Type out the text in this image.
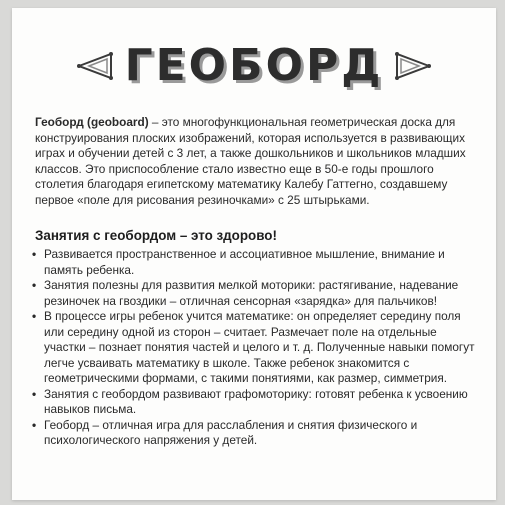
ГЕОБОРД

Геоборд (geoboard) – это многофункциональная геометрическая доска для конструирования плоских изображений, которая используется в развивающих играх и обучении детей с 3 лет, а также дошкольников и школьников младших классов. Это приспособление стало известно еще в 50-е годы прошлого столетия благодаря египетскому математику Калебу Гаттегно, создавшему первое «поле для рисования резиночками» с 25 штырьками.

Занятия с геобордом – это здорово!
• Развивается пространственное и ассоциативное мышление, внимание и память ребенка.
• Занятия полезны для развития мелкой моторики: растягивание, надевание резиночек на гвоздики – отличная сенсорная «зарядка» для пальчиков!
• В процессе игры ребенок учится математике: он определяет середину поля или середину одной из сторон – считает. Размечает поле на отдельные участки – познает понятия частей и целого и т. д. Полученные навыки помогут легче усваивать математику в школе. Также ребенок знакомится с геометрическими формами, с такими понятиями, как размер, симметрия.
• Занятия с геобордом развивают графомоторику: готовят ребенка к усвоению навыков письма.
• Геоборд – отличная игра для расслабления и снятия физического и психологического напряжения у детей.
